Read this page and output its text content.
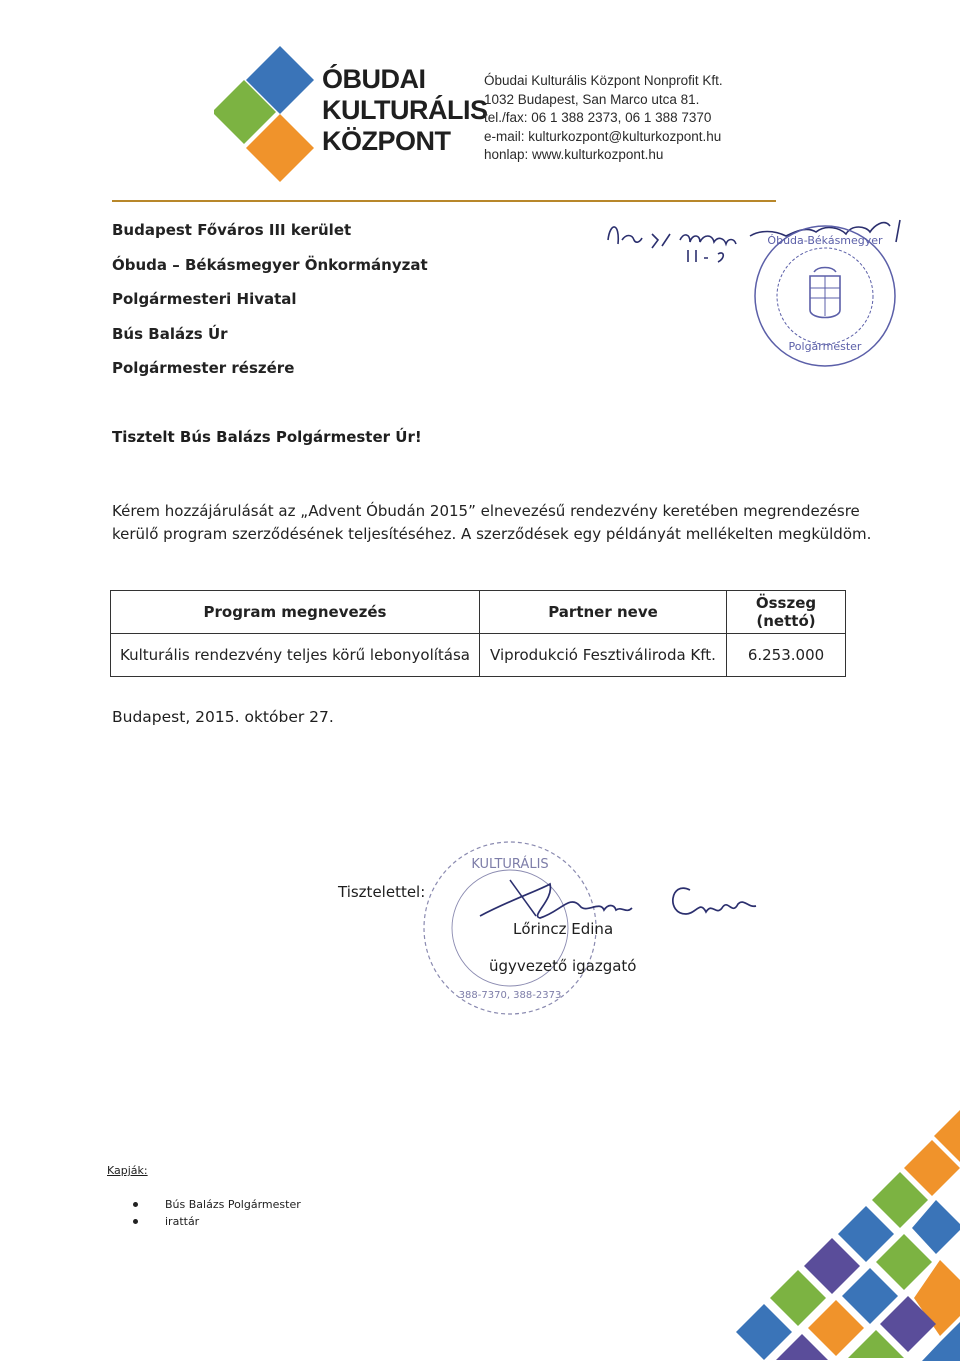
ÓBUDAI
KULTURÁLIS
KÖZPONT
Óbudai Kulturális Központ Nonprofit Kft.
1032 Budapest, San Marco utca 81.
tel./fax: 06 1 388 2373, 06 1 388 7370
e-mail: kulturkozpont@kulturkozpont.hu
honlap: www.kulturkozpont.hu
Budapest Főváros III kerület
Óbuda – Békásmegyer Önkormányzat
Polgármesteri Hivatal
Bús Balázs Úr
Polgármester részére
Óbuda-Békásmegyer
Polgármester
Tisztelt Bús Balázs Polgármester Úr!
Kérem hozzájárulását az „Advent Óbudán 2015” elnevezésű rendezvény keretében megrendezésre
kerülő program szerződésének teljesítéséhez. A szerződések egy példányát mellékelten megküldöm.
Program megnevezés	Partner neve	Összeg (nettó)
Kulturális rendezvény teljes körű lebonyolítása	Viprodukció Fesztiváliroda Kft.	6.253.000
Budapest, 2015. október 27.
KULTURÁLIS
388-7370, 388-2373
Tisztelettel:
Lőrincz Edina
ügyvezető igazgató
Kapják:
Bús Balázs Polgármester
irattár
